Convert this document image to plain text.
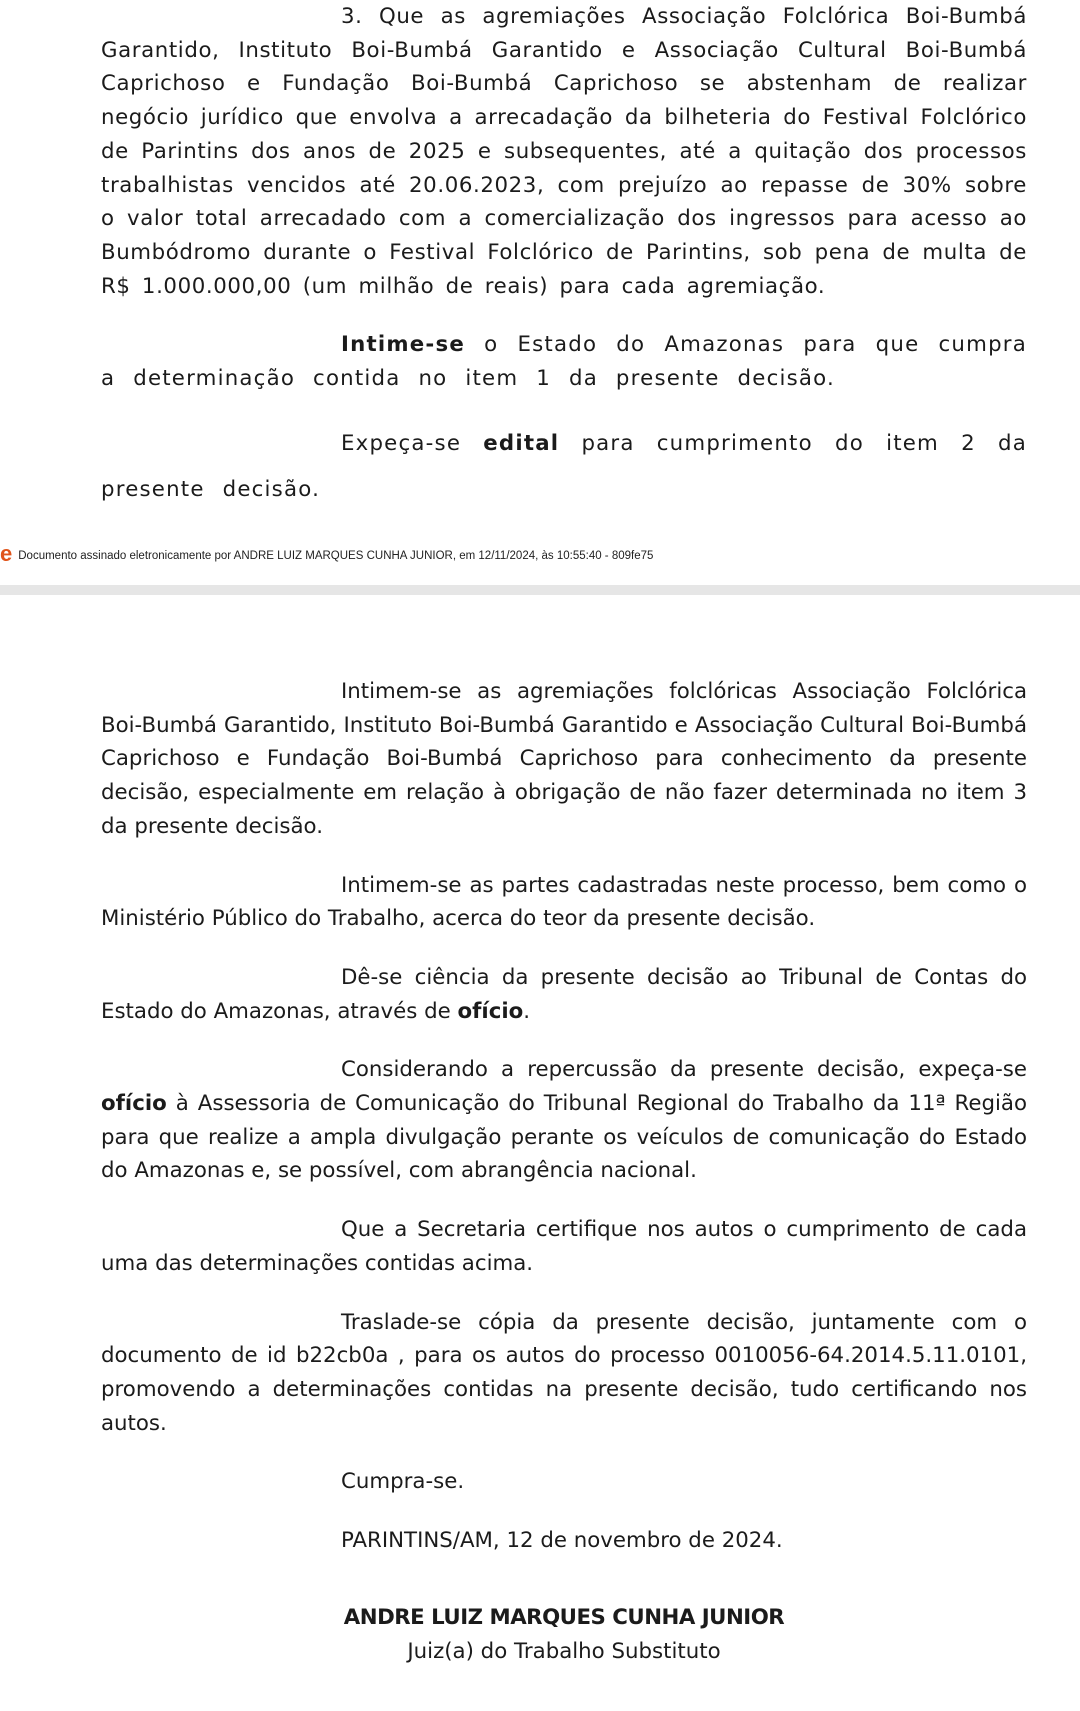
3. Que as agremiações Associação Folclórica Boi-Bumbá Garantido, Instituto Boi-Bumbá Garantido e Associação Cultural Boi-Bumbá Caprichoso e Fundação Boi-Bumbá Caprichoso se abstenham de realizar negócio jurídico que envolva a arrecadação da bilheteria do Festival Folclórico de Parintins dos anos de 2025 e subsequentes, até a quitação dos processos trabalhistas vencidos até 20.06.2023, com prejuízo ao repasse de 30% sobre o valor total arrecadado com a comercialização dos ingressos para acesso ao Bumbódromo durante o Festival Folclórico de Parintins, sob pena de multa de R$ 1.000.000,00 (um milhão de reais) para cada agremiação.

Intime-se o Estado do Amazonas para que cumpra a determinação contida no item 1 da presente decisão.

Expeça-se edital para cumprimento do item 2 da presente decisão.

e Documento assinado eletronicamente por ANDRE LUIZ MARQUES CUNHA JUNIOR, em 12/11/2024, às 10:55:40 - 809fe75

Intimem-se as agremiações folclóricas Associação Folclórica Boi-Bumbá Garantido, Instituto Boi-Bumbá Garantido e Associação Cultural Boi-Bumbá Caprichoso e Fundação Boi-Bumbá Caprichoso para conhecimento da presente decisão, especialmente em relação à obrigação de não fazer determinada no item 3 da presente decisão.

Intimem-se as partes cadastradas neste processo, bem como o Ministério Público do Trabalho, acerca do teor da presente decisão.

Dê-se ciência da presente decisão ao Tribunal de Contas do Estado do Amazonas, através de ofício.

Considerando a repercussão da presente decisão, expeça-se ofício à Assessoria de Comunicação do Tribunal Regional do Trabalho da 11ª Região para que realize a ampla divulgação perante os veículos de comunicação do Estado do Amazonas e, se possível, com abrangência nacional.

Que a Secretaria certifique nos autos o cumprimento de cada uma das determinações contidas acima.

Traslade-se cópia da presente decisão, juntamente com o documento de id b22cb0a , para os autos do processo 0010056-64.2014.5.11.0101, promovendo a determinações contidas na presente decisão, tudo certificando nos autos.

Cumpra-se.

PARINTINS/AM, 12 de novembro de 2024.

ANDRE LUIZ MARQUES CUNHA JUNIOR
Juiz(a) do Trabalho Substituto
